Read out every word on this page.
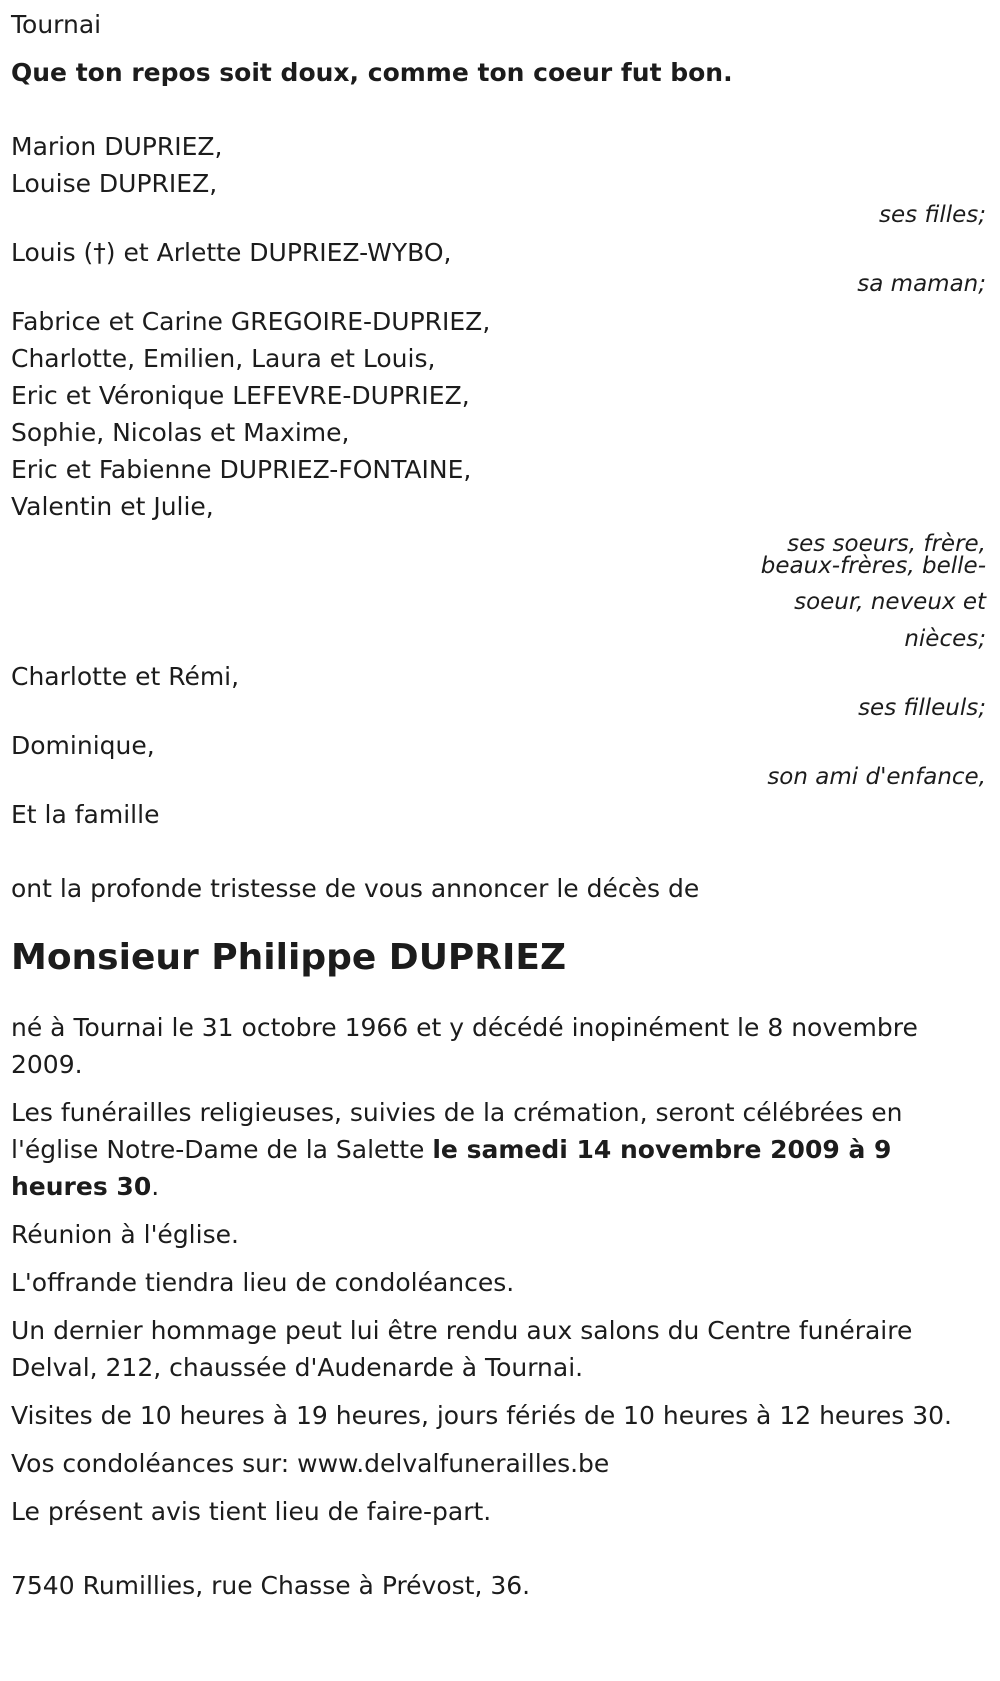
Tournai
Que ton repos soit doux, comme ton coeur fut bon.
Marion DUPRIEZ,
Louise DUPRIEZ,
ses filles;
Louis (†) et Arlette DUPRIEZ-WYBO,
sa maman;
Fabrice et Carine GREGOIRE-DUPRIEZ,
Charlotte, Emilien, Laura et Louis,
Eric et Véronique LEFEVRE-DUPRIEZ,
Sophie, Nicolas et Maxime,
Eric et Fabienne DUPRIEZ-FONTAINE,
Valentin et Julie,
ses soeurs, frère,
beaux-frères, belle-
soeur, neveux et
nièces;
Charlotte et Rémi,
ses filleuls;
Dominique,
son ami d'enfance,
Et la famille
ont la profonde tristesse de vous annoncer le décès de
Monsieur Philippe DUPRIEZ
né à Tournai le 31 octobre 1966 et y décédé inopinément le 8 novembre 2009.
Les funérailles religieuses, suivies de la crémation, seront célébrées en l'église Notre-Dame de la Salette le samedi 14 novembre 2009 à 9 heures 30.
Réunion à l'église.
L'offrande tiendra lieu de condoléances.
Un dernier hommage peut lui être rendu aux salons du Centre funéraire Delval, 212, chaussée d'Audenarde à Tournai.
Visites de 10 heures à 19 heures, jours fériés de 10 heures à 12 heures 30.
Vos condoléances sur: www.delvalfunerailles.be
Le présent avis tient lieu de faire-part.
7540 Rumillies, rue Chasse à Prévost, 36.
